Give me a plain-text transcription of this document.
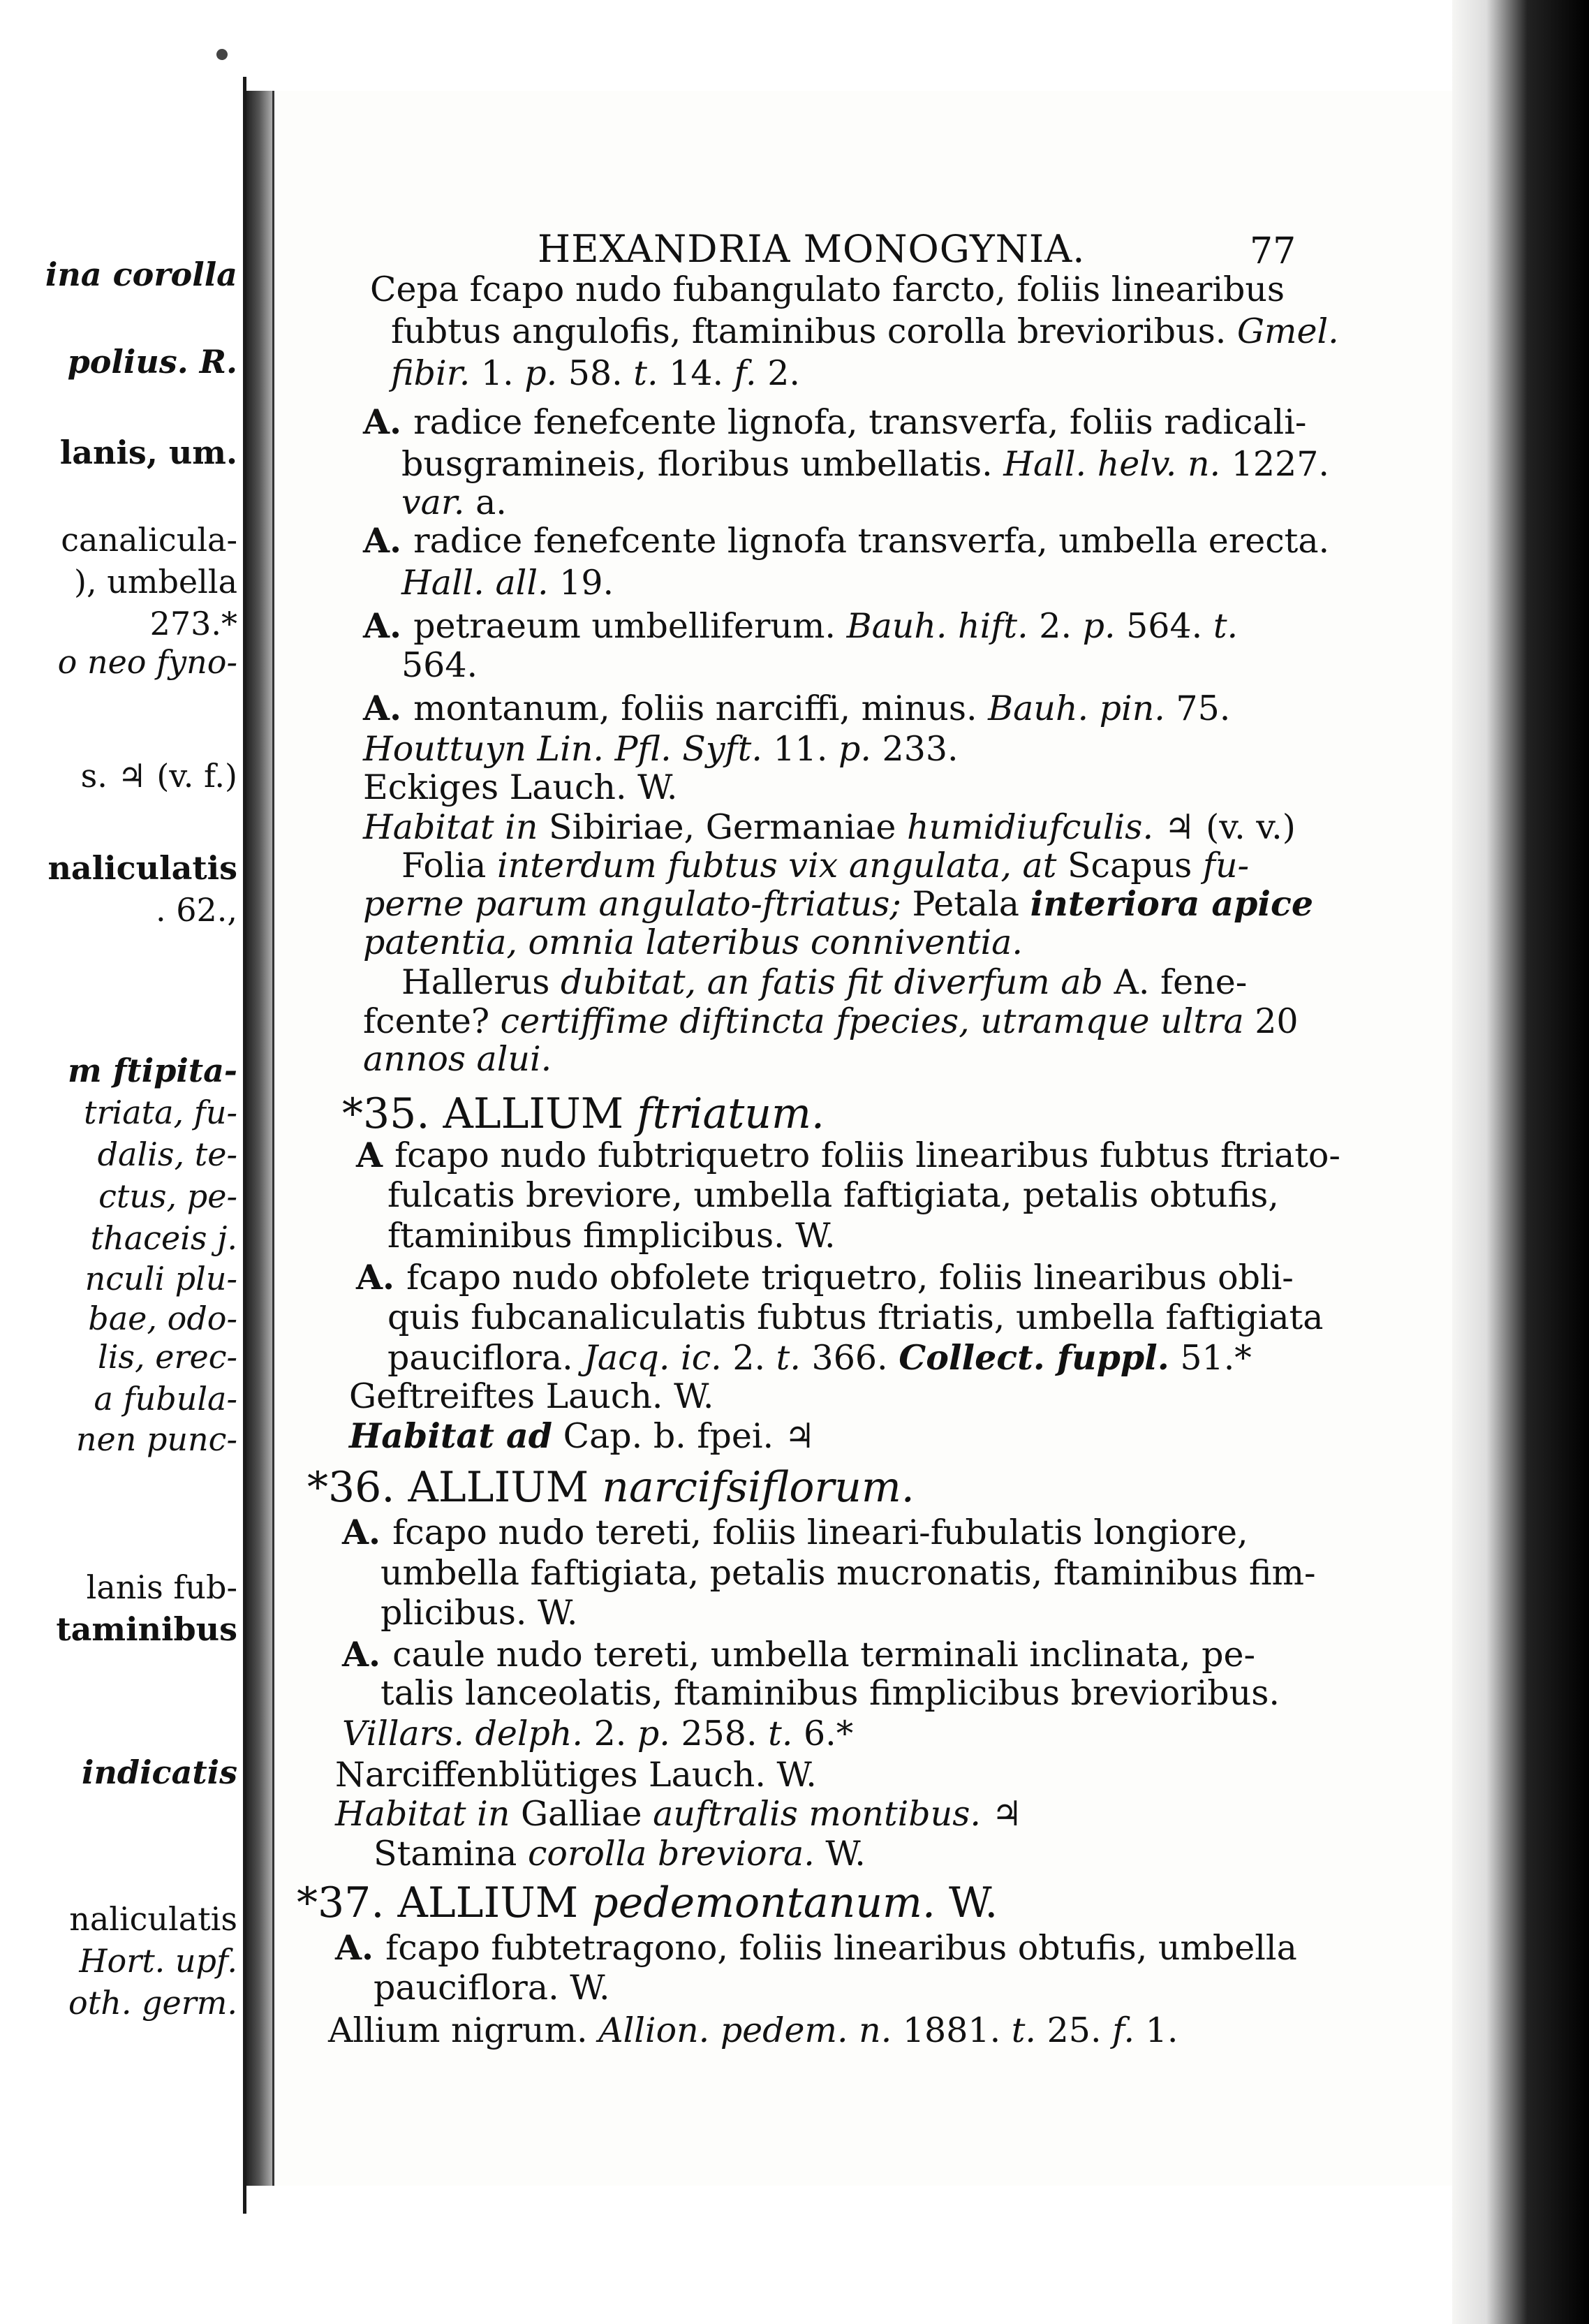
ina corolla
polius. R.
lanis, um.
canalicula-
), umbella
273.*
o neo fyno-
s. ♃ (v. f.)
naliculatis
. 62.,
m ftipita-
triata, fu-
dalis, te-
ctus, pe-
thaceis j.
nculi plu-
bae, odo-
lis, erec-
a fubula-
nen punc-
lanis fub-
taminibus
indicatis
naliculatis
Hort. upf.
oth. germ.
HEXANDRIA MONOGYNIA.	77
Cepa fcapo nudo fubangulato farcto, foliis linearibus
fubtus angulofis, ftaminibus corolla brevioribus. Gmel.
fibir. 1. p. 58. t. 14. f. 2.
A. radice fenefcente lignofa, transverfa, foliis radicali-
busgramineis, floribus umbellatis. Hall. helv. n. 1227.
var. a.
A. radice fenefcente lignofa transverfa, umbella erecta.
Hall. all. 19.
A. petraeum umbelliferum. Bauh. hift. 2. p. 564. t.
564.
A. montanum, foliis narciffi, minus. Bauh. pin. 75.
Houttuyn Lin. Pfl. Syft. 11. p. 233.
Eckiges Lauch. W.
Habitat in Sibiriae, Germaniae humidiufculis. ♃ (v. v.)
Folia interdum fubtus vix angulata, at Scapus fu-
perne parum angulato-ftriatus; Petala interiora apice
patentia, omnia lateribus conniventia.
Hallerus dubitat, an fatis fit diverfum ab A. fene-
fcente? certiffime diftincta fpecies, utramque ultra 20
annos alui.
*35. ALLIUM ftriatum.
A fcapo nudo fubtriquetro foliis linearibus fubtus ftriato-
fulcatis breviore, umbella faftigiata, petalis obtufis,
ftaminibus fimplicibus. W.
A. fcapo nudo obfolete triquetro, foliis linearibus obli-
quis fubcanaliculatis fubtus ftriatis, umbella faftigiata
pauciflora. Jacq. ic. 2. t. 366. Collect. fuppl. 51.*
Geftreiftes Lauch. W.
Habitat ad Cap. b. fpei. ♃
*36. ALLIUM narcifsiflorum.
A. fcapo nudo tereti, foliis lineari-fubulatis longiore,
umbella faftigiata, petalis mucronatis, ftaminibus fim-
plicibus. W.
A. caule nudo tereti, umbella terminali inclinata, pe-
talis lanceolatis, ftaminibus fimplicibus brevioribus.
Villars. delph. 2. p. 258. t. 6.*
Narciffenblütiges Lauch. W.
Habitat in Galliae auftralis montibus. ♃
Stamina corolla breviora. W.
*37. ALLIUM pedemontanum. W.
A. fcapo fubtetragono, foliis linearibus obtufis, umbella
pauciflora. W.
Allium nigrum. Allion. pedem. n. 1881. t. 25. f. 1.
